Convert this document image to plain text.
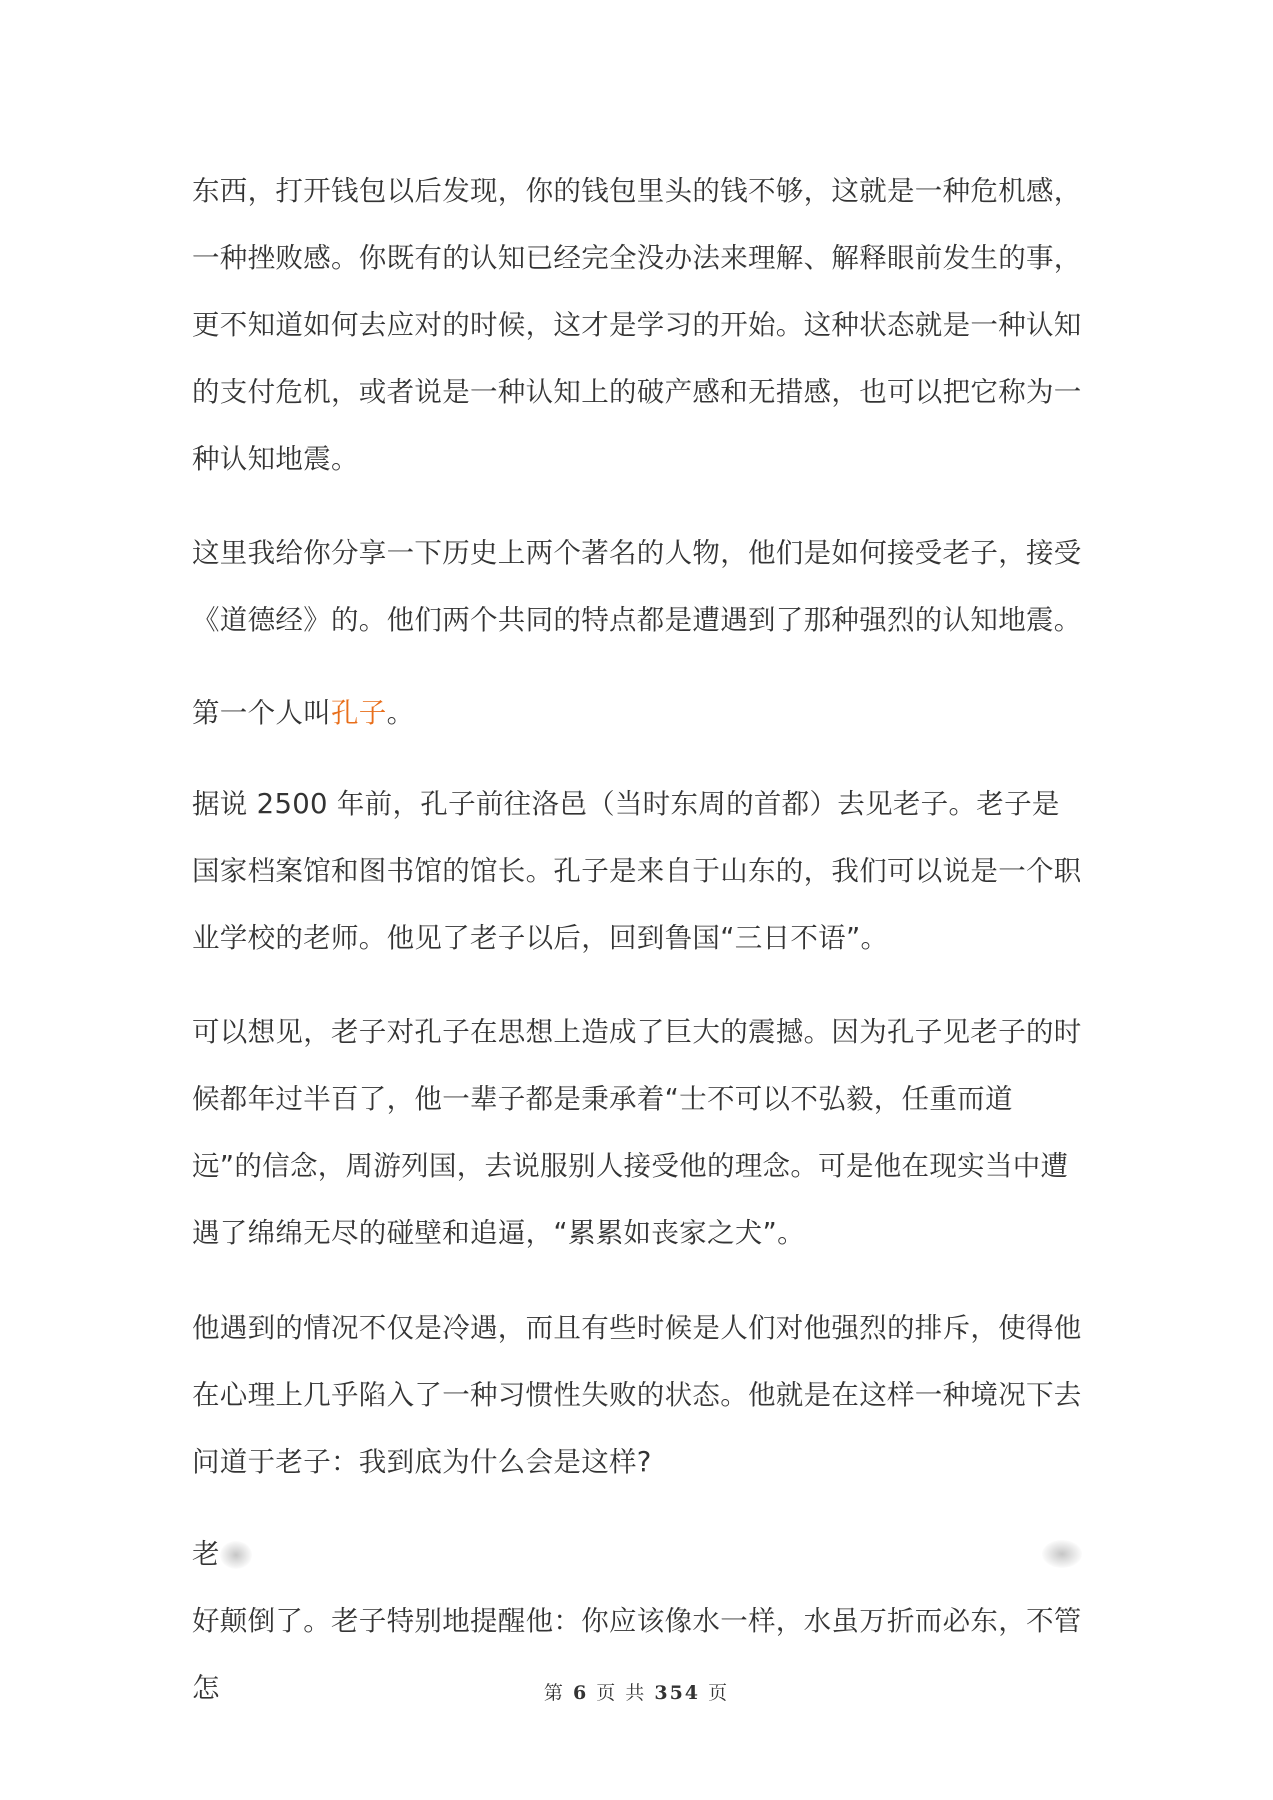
东西，打开钱包以后发现，你的钱包里头的钱不够，这就是一种危机感，一种挫败感。你既有的认知已经完全没办法来理解、解释眼前发生的事，更不知道如何去应对的时候，这才是学习的开始。这种状态就是一种认知的支付危机，或者说是一种认知上的破产感和无措感，也可以把它称为一种认知地震。

这里我给你分享一下历史上两个著名的人物，他们是如何接受老子，接受《道德经》的。他们两个共同的特点都是遭遇到了那种强烈的认知地震。

第一个人叫孔子。

据说 2500 年前，孔子前往洛邑（当时东周的首都）去见老子。老子是国家档案馆和图书馆的馆长。孔子是来自于山东的，我们可以说是一个职业学校的老师。他见了老子以后，回到鲁国“三日不语”。

可以想见，老子对孔子在思想上造成了巨大的震撼。因为孔子见老子的时候都年过半百了，他一辈子都是秉承着“士不可以不弘毅，任重而道远”的信念，周游列国，去说服别人接受他的理念。可是他在现实当中遭遇了绵绵无尽的碰壁和追逼，“累累如丧家之犬”。

他遇到的情况不仅是冷遇，而且有些时候是人们对他强烈的排斥，使得他在心理上几乎陷入了一种习惯性失败的状态。他就是在这样一种境况下去问道于老子：我到底为什么会是这样?

老

好颠倒了。老子特别地提醒他：你应该像水一样，水虽万折而必东，不管怎	第 6 页 共 354 页
